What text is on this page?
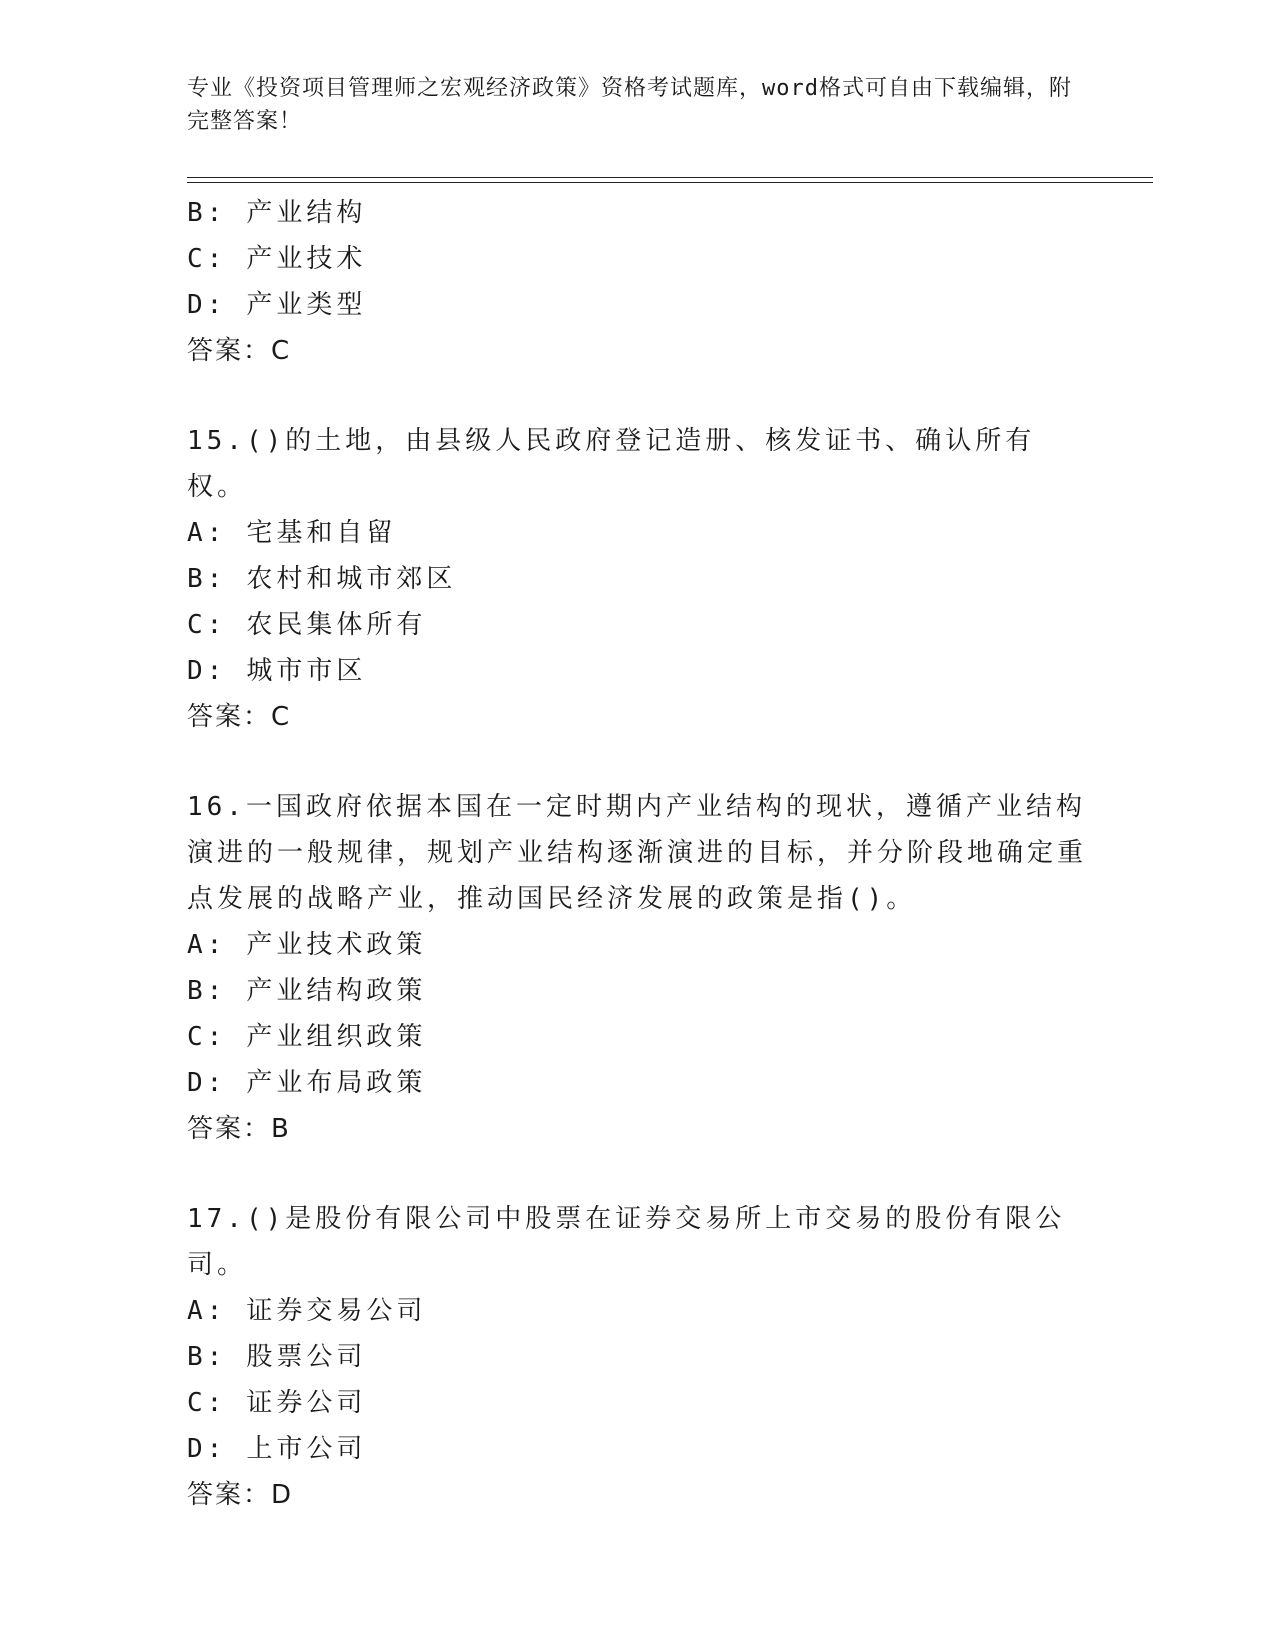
专业《投资项目管理师之宏观经济政策》资格考试题库，word格式可自由下载编辑，附完整答案！
B: 产业结构
C: 产业技术
D: 产业类型
答案：C
15.()的土地，由县级人民政府登记造册、核发证书、确认所有权。
A: 宅基和自留
B: 农村和城市郊区
C: 农民集体所有
D: 城市市区
答案：C
16.一国政府依据本国在一定时期内产业结构的现状，遵循产业结构演进的一般规律，规划产业结构逐渐演进的目标，并分阶段地确定重点发展的战略产业，推动国民经济发展的政策是指()。
A: 产业技术政策
B: 产业结构政策
C: 产业组织政策
D: 产业布局政策
答案：B
17.()是股份有限公司中股票在证券交易所上市交易的股份有限公司。
A: 证券交易公司
B: 股票公司
C: 证券公司
D: 上市公司
答案：D
